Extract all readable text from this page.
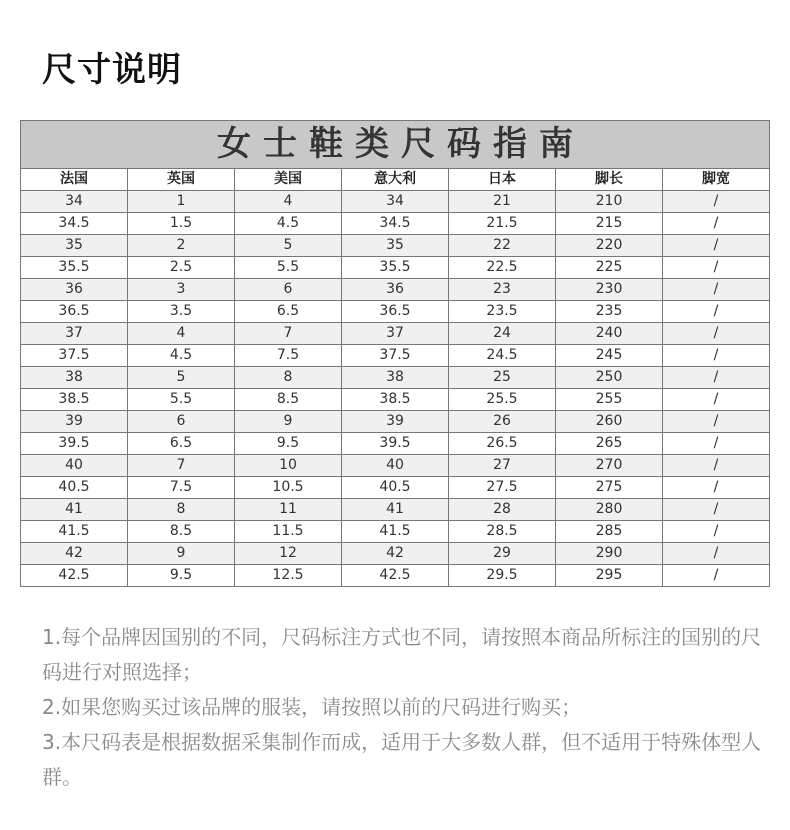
尺寸说明
女士鞋类尺码指南						
法国	英国	美国	意大利	日本	脚长	脚宽
34	1	4	34	21	210	/
34.5	1.5	4.5	34.5	21.5	215	/
35	2	5	35	22	220	/
35.5	2.5	5.5	35.5	22.5	225	/
36	3	6	36	23	230	/
36.5	3.5	6.5	36.5	23.5	235	/
37	4	7	37	24	240	/
37.5	4.5	7.5	37.5	24.5	245	/
38	5	8	38	25	250	/
38.5	5.5	8.5	38.5	25.5	255	/
39	6	9	39	26	260	/
39.5	6.5	9.5	39.5	26.5	265	/
40	7	10	40	27	270	/
40.5	7.5	10.5	40.5	27.5	275	/
41	8	11	41	28	280	/
41.5	8.5	11.5	41.5	28.5	285	/
42	9	12	42	29	290	/
42.5	9.5	12.5	42.5	29.5	295	/

1.每个品牌因国别的不同，尺码标注方式也不同，请按照本商品所标注的国别的尺码进行对照选择；

2.如果您购买过该品牌的服装，请按照以前的尺码进行购买；

3.本尺码表是根据数据采集制作而成，适用于大多数人群，但不适用于特殊体型人群。
